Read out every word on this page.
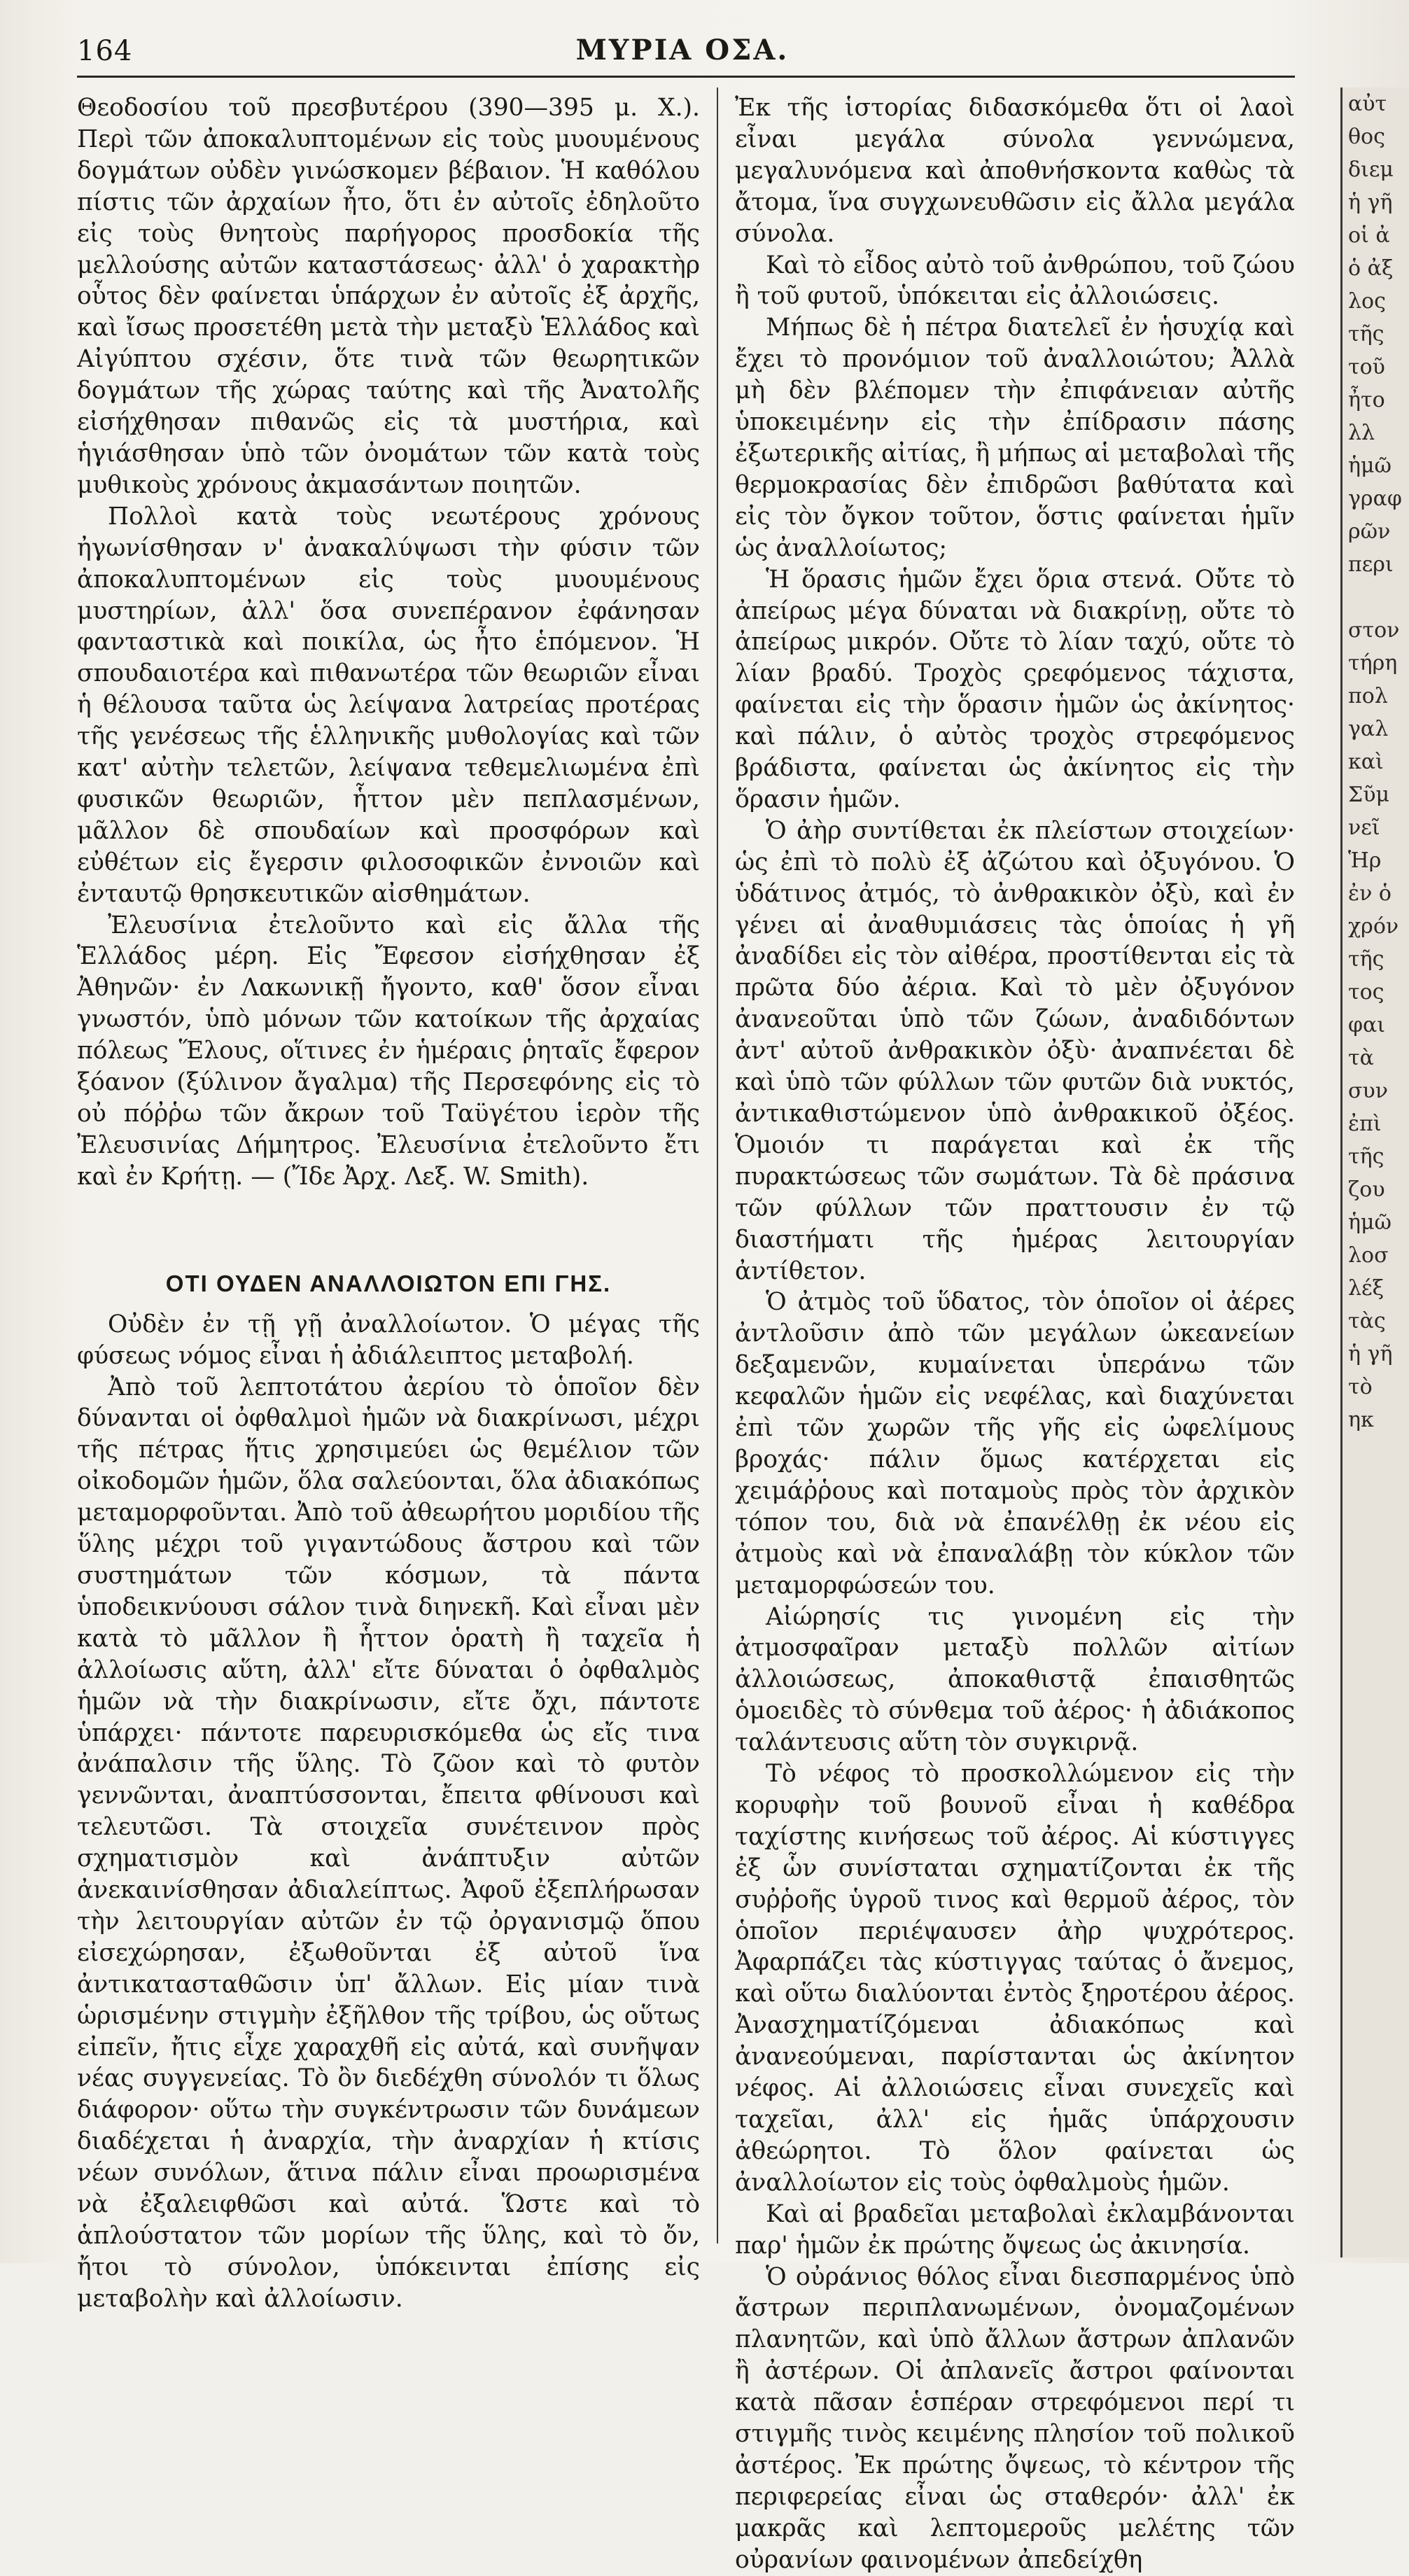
164	ΜΥΡΙΑ ΟΣΑ.

Θεοδοσίου τοῦ πρεσβυτέρου (390—395 μ. Χ.). Περὶ τῶν ἀποκαλυπτομένων εἰς τοὺς μυουμένους δογμάτων οὐδὲν γινώσκομεν βέβαιον. Ἡ καθόλου πίστις τῶν ἀρχαίων ἦτο, ὅτι ἐν αὐτοῖς ἐδηλοῦτο εἰς τοὺς θνητοὺς παρήγορος προσδοκία τῆς μελλούσης αὐτῶν καταστάσεως· ἀλλ' ὁ χαρακτὴρ οὗτος δὲν φαίνεται ὑπάρχων ἐν αὐτοῖς ἐξ ἀρχῆς, καὶ ἴσως προσετέθη μετὰ τὴν μεταξὺ Ἑλλάδος καὶ Αἰγύπτου σχέσιν, ὅτε τινὰ τῶν θεωρητικῶν δογμάτων τῆς χώρας ταύτης καὶ τῆς Ἀνατολῆς εἰσήχθησαν πιθανῶς εἰς τὰ μυστήρια, καὶ ἡγιάσθησαν ὑπὸ τῶν ὀνομάτων τῶν κατὰ τοὺς μυθικοὺς χρόνους ἀκμασάντων ποιητῶν.

Πολλοὶ κατὰ τοὺς νεωτέρους χρόνους ἠγωνίσθησαν ν' ἀνακαλύψωσι τὴν φύσιν τῶν ἀποκαλυπτομένων εἰς τοὺς μυουμένους μυστηρίων, ἀλλ' ὅσα συνεπέρανον ἐφάνησαν φανταστικὰ καὶ ποικίλα, ὡς ἦτο ἑπόμενον. Ἡ σπουδαιοτέρα καὶ πιθανωτέρα τῶν θεωριῶν εἶναι ἡ θέλουσα ταῦτα ὡς λείψανα λατρείας προτέρας τῆς γενέσεως τῆς ἑλληνικῆς μυθολογίας καὶ τῶν κατ' αὐτὴν τελετῶν, λείψανα τεθεμελιωμένα ἐπὶ φυσικῶν θεωριῶν, ἧττον μὲν πεπλασμένων, μᾶλλον δὲ σπουδαίων καὶ προσφόρων καὶ εὐθέτων εἰς ἔγερσιν φιλοσοφικῶν ἐννοιῶν καὶ ἐνταυτῷ θρησκευτικῶν αἰσθημάτων.

Ἐλευσίνια ἐτελοῦντο καὶ εἰς ἄλλα τῆς Ἑλλάδος μέρη. Εἰς Ἔφεσον εἰσήχθησαν ἐξ Ἀθηνῶν· ἐν Λακωνικῇ ἤγοντο, καθ' ὅσον εἶναι γνωστόν, ὑπὸ μόνων τῶν κατοίκων τῆς ἀρχαίας πόλεως Ἕλους, οἵτινες ἐν ἡμέραις ῥηταῖς ἔφερον ξόανον (ξύλινον ἄγαλμα) τῆς Περσεφόνης εἰς τὸ οὐ πόῤῥω τῶν ἄκρων τοῦ Ταϋγέτου ἱερὸν τῆς Ἐλευσινίας Δήμητρος. Ἐλευσίνια ἐτελοῦντο ἔτι καὶ ἐν Κρήτῃ. — (Ἴδε Ἀρχ. Λεξ. W. Smith).

ΟΤΙ ΟΥΔΕΝ ΑΝΑΛΛΟΙΩΤΟΝ ΕΠΙ ΓΗΣ.

Οὐδὲν ἐν τῇ γῇ ἀναλλοίωτον. Ὁ μέγας τῆς φύσεως νόμος εἶναι ἡ ἀδιάλειπτος μεταβολή.

Ἀπὸ τοῦ λεπτοτάτου ἀερίου τὸ ὁποῖον δὲν δύνανται οἱ ὀφθαλμοὶ ἡμῶν νὰ διακρίνωσι, μέχρι τῆς πέτρας ἥτις χρησιμεύει ὡς θεμέλιον τῶν οἰκοδομῶν ἡμῶν, ὅλα σαλεύονται, ὅλα ἀδιακόπως μεταμορφοῦνται. Ἀπὸ τοῦ ἀθεωρήτου μοριδίου τῆς ὕλης μέχρι τοῦ γιγαντώδους ἄστρου καὶ τῶν συστημάτων τῶν κόσμων, τὰ πάντα ὑποδεικνύουσι σάλον τινὰ διηνεκῆ. Καὶ εἶναι μὲν κατὰ τὸ μᾶλλον ἢ ἧττον ὁρατὴ ἢ ταχεῖα ἡ ἀλλοίωσις αὕτη, ἀλλ' εἴτε δύναται ὁ ὀφθαλμὸς ἡμῶν νὰ τὴν διακρίνωσιν, εἴτε ὄχι, πάντοτε ὑπάρχει· πάντοτε παρευρισκόμεθα ὡς εἴς τινα ἀνάπαλσιν τῆς ὕλης. Τὸ ζῶον καὶ τὸ φυτὸν γεννῶνται, ἀναπτύσσονται, ἔπειτα φθίνουσι καὶ τελευτῶσι. Τὰ στοιχεῖα συνέτεινον πρὸς σχηματισμὸν καὶ ἀνάπτυξιν αὐτῶν ἀνεκαινίσθησαν ἀδιαλείπτως. Ἀφοῦ ἐξεπλήρωσαν τὴν λειτουργίαν αὐτῶν ἐν τῷ ὀργανισμῷ ὅπου εἰσεχώρησαν, ἐξωθοῦνται ἐξ αὐτοῦ ἵνα ἀντικατασταθῶσιν ὑπ' ἄλλων. Εἰς μίαν τινὰ ὡρισμένην στιγμὴν ἐξῆλθον τῆς τρίβου, ὡς οὕτως εἰπεῖν, ἤτις εἶχε χαραχθῆ εἰς αὐτά, καὶ συνῆψαν νέας συγγενείας. Τὸ ὂν διεδέχθη σύνολόν τι ὅλως διάφορον· οὕτω τὴν συγκέντρωσιν τῶν δυνάμεων διαδέχεται ἡ ἀναρχία, τὴν ἀναρχίαν ἡ κτίσις νέων συνόλων, ἅτινα πάλιν εἶναι προωρισμένα νὰ ἐξαλειφθῶσι καὶ αὐτά. Ὥστε καὶ τὸ ἁπλούστατον τῶν μορίων τῆς ὕλης, καὶ τὸ ὄν, ἤτοι τὸ σύνολον, ὑπόκεινται ἐπίσης εἰς μεταβολὴν καὶ ἀλλοίωσιν.

Ἐκ τῆς ἱστορίας διδασκόμεθα ὅτι οἱ λαοὶ εἶναι μεγάλα σύνολα γεννώμενα, μεγαλυνόμενα καὶ ἀποθνήσκοντα καθὼς τὰ ἄτομα, ἵνα συγχωνευθῶσιν εἰς ἄλλα μεγάλα σύνολα.

Καὶ τὸ εἶδος αὐτὸ τοῦ ἀνθρώπου, τοῦ ζώου ἢ τοῦ φυτοῦ, ὑπόκειται εἰς ἀλλοιώσεις.

Μήπως δὲ ἡ πέτρα διατελεῖ ἐν ἡσυχίᾳ καὶ ἔχει τὸ προνόμιον τοῦ ἀναλλοιώτου; Ἀλλὰ μὴ δὲν βλέπομεν τὴν ἐπιφάνειαν αὐτῆς ὑποκειμένην εἰς τὴν ἐπίδρασιν πάσης ἐξωτερικῆς αἰτίας, ἢ μήπως αἱ μεταβολαὶ τῆς θερμοκρασίας δὲν ἐπιδρῶσι βαθύτατα καὶ εἰς τὸν ὄγκον τοῦτον, ὅστις φαίνεται ἡμῖν ὡς ἀναλλοίωτος;

Ἡ ὅρασις ἡμῶν ἔχει ὅρια στενά. Οὔτε τὸ ἀπείρως μέγα δύναται νὰ διακρίνῃ, οὔτε τὸ ἀπείρως μικρόν. Οὔτε τὸ λίαν ταχύ, οὔτε τὸ λίαν βραδύ. Τροχὸς ςρεφόμενος τάχιστα, φαίνεται εἰς τὴν ὅρασιν ἡμῶν ὡς ἀκίνητος· καὶ πάλιν, ὁ αὐτὸς τροχὸς στρεφόμενος βράδιστα, φαίνεται ὡς ἀκίνητος εἰς τὴν ὅρασιν ἡμῶν.

Ὁ ἀὴρ συντίθεται ἐκ πλείστων στοιχείων· ὡς ἐπὶ τὸ πολὺ ἐξ ἀζώτου καὶ ὀξυγόνου. Ὁ ὑδάτινος ἀτμός, τὸ ἀνθρακικὸν ὀξὺ, καὶ ἐν γένει αἱ ἀναθυμιάσεις τὰς ὁποίας ἡ γῆ ἀναδίδει εἰς τὸν αἰθέρα, προστίθενται εἰς τὰ πρῶτα δύο ἀέρια. Καὶ τὸ μὲν ὀξυγόνον ἀνανεοῦται ὑπὸ τῶν ζώων, ἀναδιδόντων ἀντ' αὐτοῦ ἀνθρακικὸν ὀξὺ· ἀναπνέεται δὲ καὶ ὑπὸ τῶν φύλλων τῶν φυτῶν διὰ νυκτός, ἀντικαθιστώμενον ὑπὸ ἀνθρακικοῦ ὀξέος. Ὁμοιόν τι παράγεται καὶ ἐκ τῆς πυρακτώσεως τῶν σωμάτων. Τὰ δὲ πράσινα τῶν φύλλων τῶν πραττουσιν ἐν τῷ διαστήματι τῆς ἡμέρας λειτουργίαν ἀντίθετον.

Ὁ ἀτμὸς τοῦ ὕδατος, τὸν ὁποῖον οἱ ἀέρες ἀντλοῦσιν ἀπὸ τῶν μεγάλων ὠκεανείων δεξαμενῶν, κυμαίνεται ὑπεράνω τῶν κεφαλῶν ἡμῶν εἰς νεφέλας, καὶ διαχύνεται ἐπὶ τῶν χωρῶν τῆς γῆς εἰς ὠφελίμους βροχάς· πάλιν ὅμως κατέρχεται εἰς χειμάῤῥους καὶ ποταμοὺς πρὸς τὸν ἀρχικὸν τόπον του, διὰ νὰ ἐπανέλθῃ ἐκ νέου εἰς ἀτμοὺς καὶ νὰ ἐπαναλάβῃ τὸν κύκλον τῶν μεταμορφώσεών του.

Αἰώρησίς τις γινομένη εἰς τὴν ἀτμοσφαῖραν μεταξὺ πολλῶν αἰτίων ἀλλοιώσεως, ἀποκαθιστᾷ ἐπαισθητῶς ὁμοειδὲς τὸ σύνθεμα τοῦ ἀέρος· ἡ ἀδιάκοπος ταλάντευσις αὕτη τὸν συγκιρνᾷ.

Τὸ νέφος τὸ προσκολλώμενον εἰς τὴν κορυφὴν τοῦ βουνοῦ εἶναι ἡ καθέδρα ταχίστης κινήσεως τοῦ ἀέρος. Αἱ κύστιγγες ἐξ ὧν συνίσταται σχηματίζονται ἐκ τῆς συῤῥοῆς ὑγροῦ τινος καὶ θερμοῦ ἀέρος, τὸν ὁποῖον περιέψαυσεν ἀὴρ ψυχρότερος. Ἀφαρπάζει τὰς κύστιγγας ταύτας ὁ ἄνεμος, καὶ οὕτω διαλύονται ἐντὸς ξηροτέρου ἀέρος. Ἀνασχηματίζόμεναι ἀδιακόπως καὶ ἀνανεούμεναι, παρίστανται ὡς ἀκίνητον νέφος. Αἱ ἀλλοιώσεις εἶναι συνεχεῖς καὶ ταχεῖαι, ἀλλ' εἰς ἡμᾶς ὑπάρχουσιν ἀθεώρητοι. Τὸ ὅλον φαίνεται ὡς ἀναλλοίωτον εἰς τοὺς ὀφθαλμοὺς ἡμῶν.

Καὶ αἱ βραδεῖαι μεταβολαὶ ἐκλαμβάνονται παρ' ἡμῶν ἐκ πρώτης ὄψεως ὡς ἀκινησία.

Ὁ οὐράνιος θόλος εἶναι διεσπαρμένος ὑπὸ ἄστρων περιπλανωμένων, ὀνομαζομένων πλανητῶν, καὶ ὑπὸ ἄλλων ἄστρων ἀπλανῶν ἢ ἀστέρων. Οἱ ἀπλανεῖς ἄστροι φαίνονται κατὰ πᾶσαν ἑσπέραν στρεφόμενοι περί τι στιγμῆς τινὸς κειμένης πλησίον τοῦ πολικοῦ ἀστέρος. Ἐκ πρώτης ὄψεως, τὸ κέντρον τῆς περιφερείας εἶναι ὡς σταθερόν· ἀλλ' ἐκ μακρᾶς καὶ λεπτομεροῦς μελέτης τῶν οὐρανίων φαινομένων ἀπεδείχθη

αὐτ
θος
διεμ
ἡ γῆ
οἱ ἀ
ὁ ἀξ
λος
τῆς
τοῦ
ἦτο
λλ
ἡμῶ
γραφ
ρῶν
περι

στον
τήρη
πολ
γαλ
καὶ
Σῦμ
νεῖ
Ἡρ
ἐν ὁ
χρόν
τῆς
τος
φαι
τὰ
συν
ἐπὶ
τῆς
ζου
ἡμῶ
λοσ
λέξ
τὰς
ἡ γῆ
τὸ
ηκ
